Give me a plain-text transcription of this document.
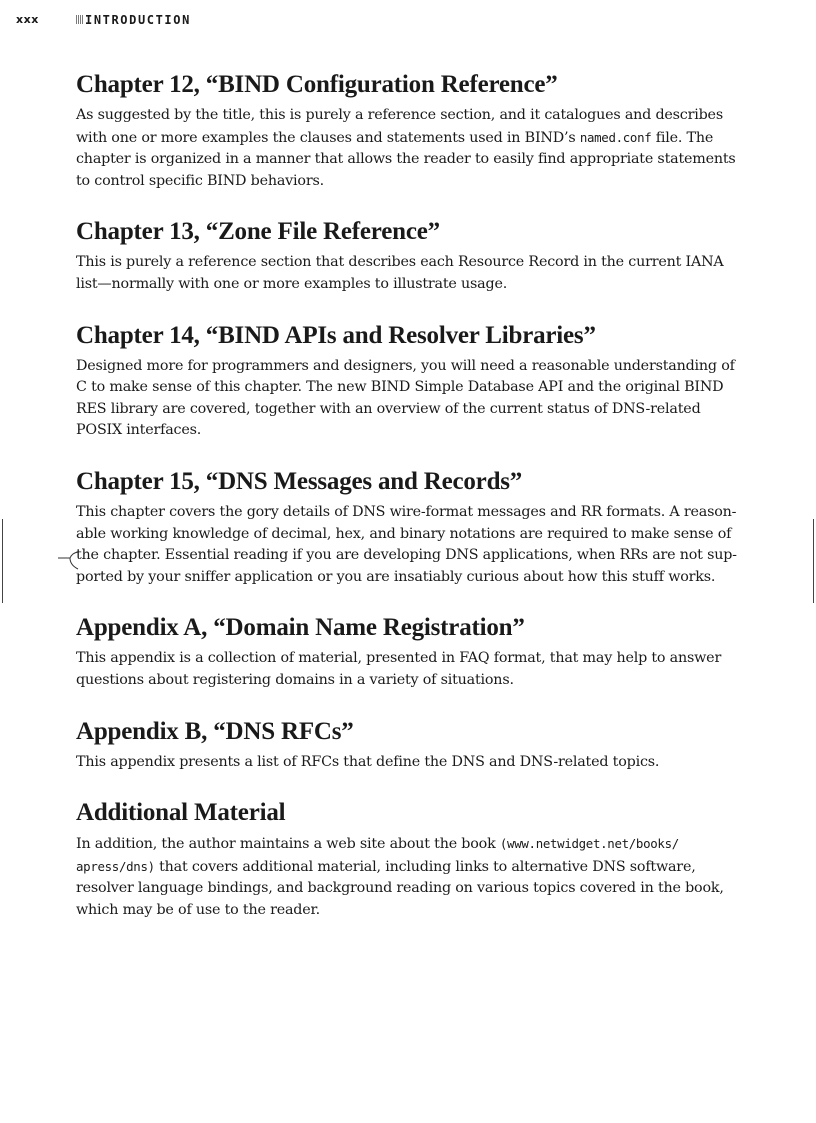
xxx	INTRODUCTION
Chapter 12, “BIND Configuration Reference”

As suggested by the title, this is purely a reference section, and it catalogues and describes with one or more examples the clauses and statements used in BIND’s named.conf file. The chapter is organized in a manner that allows the reader to easily find appropriate statements to control specific BIND behaviors.

Chapter 13, “Zone File Reference”

This is purely a reference section that describes each Resource Record in the current IANA list—normally with one or more examples to illustrate usage.

Chapter 14, “BIND APIs and Resolver Libraries”

Designed more for programmers and designers, you will need a reasonable understanding of C to make sense of this chapter. The new BIND Simple Database API and the original BIND RES library are covered, together with an overview of the current status of DNS-related POSIX interfaces.

Chapter 15, “DNS Messages and Records”

This chapter covers the gory details of DNS wire-format messages and RR formats. A reason-able working knowledge of decimal, hex, and binary notations are required to make sense of the chapter. Essential reading if you are developing DNS applications, when RRs are not sup-ported by your sniffer application or you are insatiably curious about how this stuff works.

Appendix A, “Domain Name Registration”

This appendix is a collection of material, presented in FAQ format, that may help to answer questions about registering domains in a variety of situations.

Appendix B, “DNS RFCs”

This appendix presents a list of RFCs that define the DNS and DNS-related topics.

Additional Material

In addition, the author maintains a web site about the book (www.netwidget.net/books/ apress/dns) that covers additional material, including links to alternative DNS software, resolver language bindings, and background reading on various topics covered in the book, which may be of use to the reader.
